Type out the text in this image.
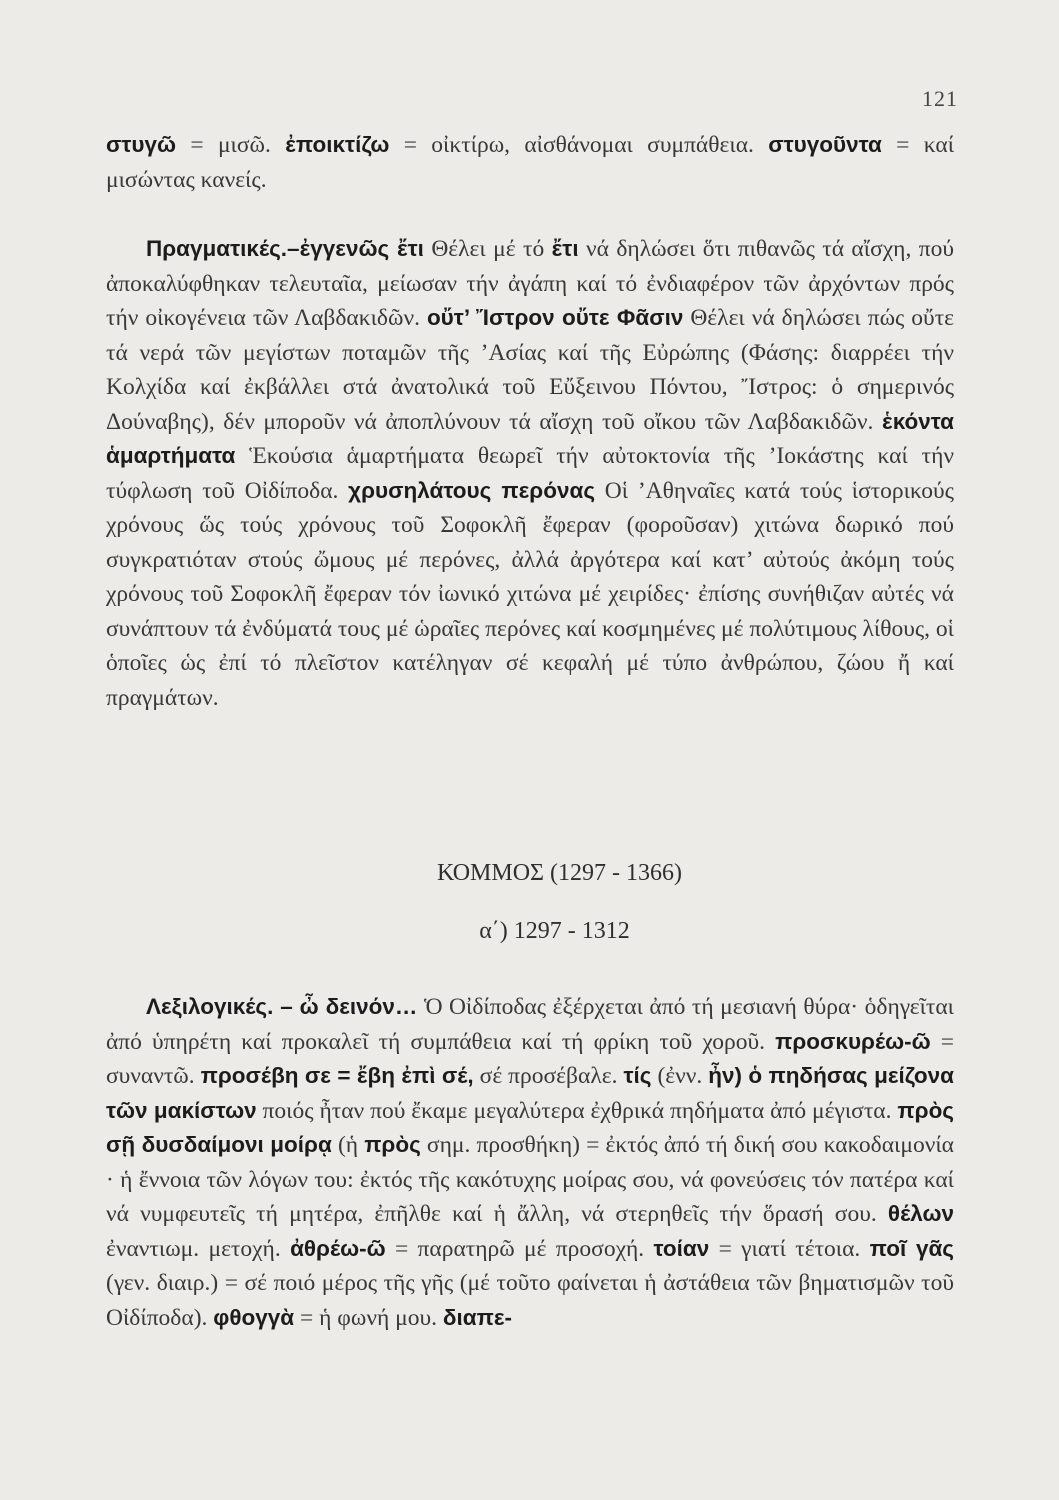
121
στυγῶ = μισῶ. ἐποικτίζω = οἰκτίρω, αἰσθάνομαι συμπάθεια. στυγοῦντα = καί μισώντας κανείς.
Πραγματικές.–ἐγγενῶς ἔτι Θέλει μέ τό ἔτι νά δηλώσει ὅτι πιθανῶς τά αἴσχη, πού ἀποκαλύφθηκαν τελευταῖα, μείωσαν τήν ἀγάπη καί τό ἐνδιαφέρον τῶν ἀρχόντων πρός τήν οἰκογένεια τῶν Λαβδακιδῶν. οὔτ’ Ἴστρον οὔτε Φᾶσιν Θέλει νά δηλώσει πώς οὔτε τά νερά τῶν μεγίστων ποταμῶν τῆς ’Ασίας καί τῆς Εὐρώπης (Φάσης: διαρρέει τήν Κολχίδα καί ἐκβάλλει στά ἀνατολικά τοῦ Εὔξεινου Πόντου, Ἴστρος: ὁ σημερινός Δούναβης), δέν μποροῦν νά ἀποπλύνουν τά αἴσχη τοῦ οἴκου τῶν Λαβδακιδῶν. ἑκόντα ἁμαρτήματα Ἑκούσια ἁμαρτήματα θεωρεῖ τήν αὐτοκτονία τῆς ’Ιοκάστης καί τήν τύφλωση τοῦ Οἰδίποδα. χρυσηλάτους περόνας Οἱ ’Αθηναῖες κατά τούς ἱστορικούς χρόνους ὥς τούς χρόνους τοῦ Σοφοκλῆ ἔφεραν (φοροῦσαν) χιτώνα δωρικό πού συγκρατιόταν στούς ὤμους μέ περόνες, ἀλλά ἀργότερα καί κατ’ αὐτούς ἀκόμη τούς χρόνους τοῦ Σοφοκλῆ ἔφεραν τόν ἰωνικό χιτώνα μέ χειρίδες· ἐπίσης συνήθιζαν αὐτές νά συνάπτουν τά ἐνδύματά τους μέ ὡραῖες περόνες καί κοσμημένες μέ πολύτιμους λίθους, οἱ ὁποῖες ὡς ἐπί τό πλεῖστον κατέληγαν σέ κεφαλή μέ τύπο ἀνθρώπου, ζώου ἤ καί πραγμάτων.
ΚΟΜΜΟΣ (1297 - 1366)
α΄) 1297 - 1312
Λεξιλογικές. – ὦ δεινόν… Ὁ Οἰδίποδας ἐξέρχεται ἀπό τή μεσιανή θύρα· ὁδηγεῖται ἀπό ὑπηρέτη καί προκαλεῖ τή συμπάθεια καί τή φρίκη τοῦ χοροῦ. προσκυρέω-ῶ = συναντῶ. προσέβη σε = ἔβη ἐπὶ σέ, σέ προσέβαλε. τίς (ἐνν. ἦν) ὁ πηδήσας μείζονα τῶν μακίστων ποιός ἦταν πού ἔκαμε μεγαλύτερα ἐχθρικά πηδήματα ἀπό μέγιστα. πρὸς σῇ δυσδαίμονι μοίρᾳ (ἡ πρὸς σημ. προσθήκη) = ἐκτός ἀπό τή δική σου κακοδαιμονία · ἡ ἔννοια τῶν λόγων του: ἐκτός τῆς κακότυχης μοίρας σου, νά φονεύσεις τόν πατέρα καί νά νυμφευτεῖς τή μητέρα, ἐπῆλθε καί ἡ ἄλλη, νά στερηθεῖς τήν ὅρασή σου. θέλων ἐναντιωμ. μετοχή. ἀθρέω-ῶ = παρατηρῶ μέ προσοχή. τοίαν = γιατί τέτοια. ποῖ γᾶς (γεν. διαιρ.) = σέ ποιό μέρος τῆς γῆς (μέ τοῦτο φαίνεται ἡ ἀστάθεια τῶν βηματισμῶν τοῦ Οἰδίποδα). φθογγὰ = ἡ φωνή μου. διαπε-
